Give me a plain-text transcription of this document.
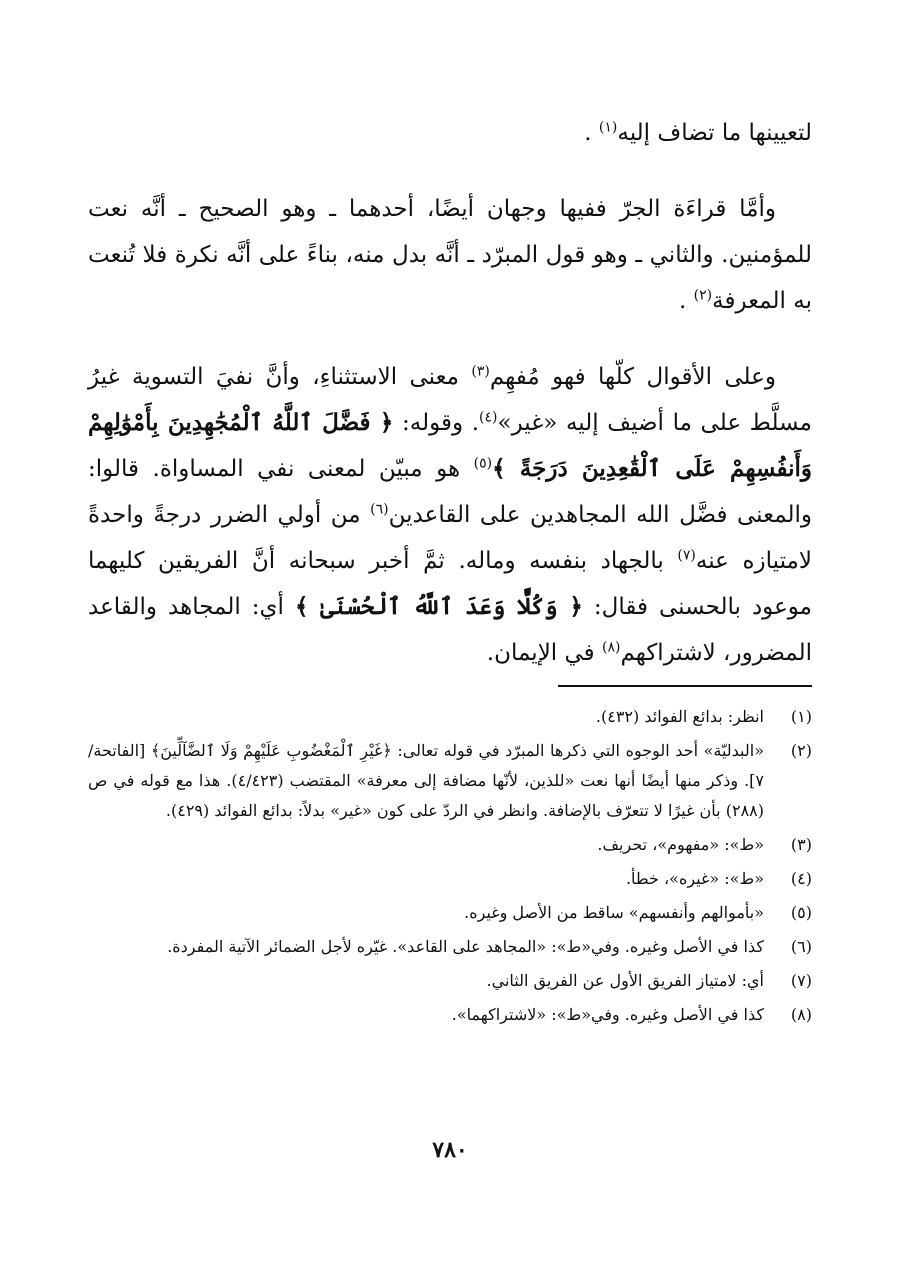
لتعيينها ما تضاف إليه$^{(١)}$ .

وأمَّا قراءَة الجرّ ففيها وجهان أيضًا، أحدهما ـ وهو الصحيح ـ أنَّه نعت للمؤمنين. والثاني ـ وهو قول المبرّد ـ أنَّه بدل منه، بناءً على أنَّه نكرة فلا تُنعت به المعرفة$^{(٢)}$ .

وعلى الأقوال كلّها فهو مُفهِم$^{(٣)}$ معنى الاستثناءِ، وأنَّ نفيَ التسوية غيرُ مسلَّط على ما أضيف إليه «غير»$^{(٤)}$. وقوله: ﴿ فَضَّلَ ٱللَّهُ ٱلْمُجَٰهِدِينَ بِأَمْوَٰلِهِمْ وَأَنفُسِهِمْ عَلَى ٱلْقَٰعِدِينَ دَرَجَةً ﴾$^{(٥)}$ هو مبيّن لمعنى نفي المساواة. قالوا: والمعنى فضَّل الله المجاهدين على القاعدين$^{(٦)}$ من أولي الضرر درجةً واحدةً لامتيازه عنه$^{(٧)}$ بالجهاد بنفسه وماله. ثمَّ أخبر سبحانه أنَّ الفريقين كليهما موعود بالحسنى فقال: ﴿ وَكُلًّا وَعَدَ ٱللَّهُ ٱلْحُسْنَىٰ ﴾ أي: المجاهد والقاعد المضرور، لاشتراكهم$^{(٨)}$ في الإيمان.

(١)
انظر: بدائع الفوائد (٤٣٢).
(٢)
«البدليّة» أحد الوجوه التي ذكرها المبرّد في قوله تعالى: ﴿غَيْرِ ٱلْمَغْضُوبِ عَلَيْهِمْ وَلَا ٱلضَّآلِّينَ﴾ [الفاتحة/ ٧]. وذكر منها أيضًا أنها نعت «للذين، لأنّها مضافة إلى معرفة» المقتضب (٤/٤٢٣). هذا مع قوله في ص (٢٨٨) بأن غيرًا لا تتعرّف بالإضافة. وانظر في الردّ على كون «غير» بدلاً: بدائع الفوائد (٤٢٩).
(٣)
«ط»: «مفهوم»، تحريف.
(٤)
«ط»: «غيره»، خطأ.
(٥)
«بأموالهم وأنفسهم» ساقط من الأصل وغيره.
(٦)
كذا في الأصل وغيره. وفي«ط»: «المجاهد على القاعد». غيّره لأجل الضمائر الآتية المفردة.
(٧)
أي: لامتياز الفريق الأول عن الفريق الثاني.
(٨)
كذا في الأصل وغيره. وفي«ط»: «لاشتراكهما».
٧٨٠
